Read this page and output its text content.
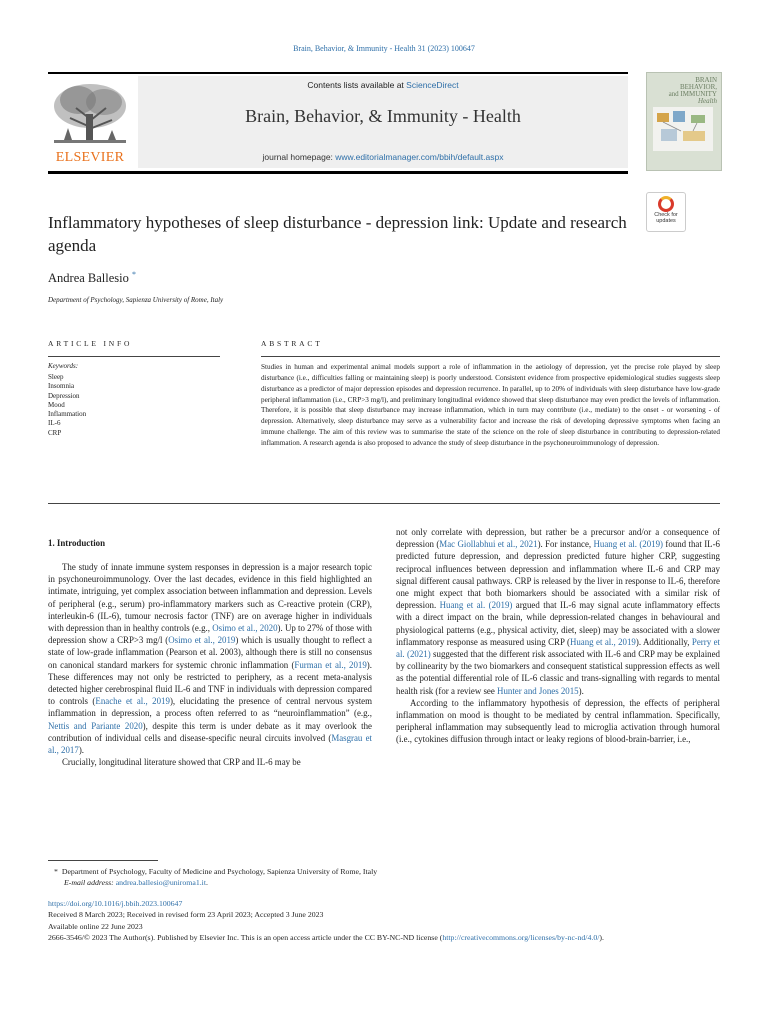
Brain, Behavior, & Immunity - Health 31 (2023) 100647
ELSEVIER
Contents lists available at ScienceDirect
Brain, Behavior, & Immunity - Health
journal homepage: www.editorialmanager.com/bbih/default.aspx
BRAIN
BEHAVIOR,
and IMMUNITY
Health
Check for
updates
Inflammatory hypotheses of sleep disturbance - depression link: Update and research agenda
Andrea Ballesio *
Department of Psychology, Sapienza University of Rome, Italy
ARTICLE INFO	ABSTRACT
Keywords:
Sleep
Insomnia
Depression
Mood
Inflammation
IL-6
CRP
Studies in human and experimental animal models support a role of inflammation in the aetiology of depression, yet the precise role played by sleep disturbance (i.e., difficulties falling or maintaining sleep) is poorly understood. Consistent evidence from prospective epidemiological studies suggests sleep disturbance as a predictor of major depression episodes and depression recurrence. In parallel, up to 20% of individuals with sleep disturbance have low-grade peripheral inflammation (i.e., CRP>3 mg/l), and preliminary longitudinal evidence showed that sleep disturbance may even predict the levels of inflammation. Therefore, it is possible that sleep disturbance may increase inflammation, which in turn may contribute (i.e., mediate) to the onset - or worsening - of depression. Alternatively, sleep disturbance may serve as a vulnerability factor and increase the risk of developing depressive symptoms when facing an immune challenge. The aim of this review was to summarise the state of the science on the role of sleep disturbance in contributing to depression-related inflammation. A research agenda is also proposed to advance the study of sleep disturbance in the psychoneuroimmunology of depression.
1. Introduction

The study of innate immune system responses in depression is a major research topic in psychoneuroimmunology. Over the last decades, evidence in this field highlighted an intimate, intriguing, yet complex association between inflammation and depression. Levels of peripheral (e.g., serum) pro-inflammatory markers such as C-reactive protein (CRP), interleukin-6 (IL-6), tumour necrosis factor (TNF) are on average higher in individuals with depression than in healthy controls (e.g., Osimo et al., 2020). Up to 27% of those with depression show a CRP>3 mg/l (Osimo et al., 2019) which is usually thought to reflect a state of low-grade inflammation (Pearson et al. 2003), although there is still no consensus on canonical standard markers for systemic chronic inflammation (Furman et al., 2019). These differences may not only be restricted to periphery, as a recent meta-analysis detected higher cerebrospinal fluid IL-6 and TNF in individuals with depression compared to controls (Enache et al., 2019), elucidating the presence of central nervous system inflammation in depression, a process often referred to as “neuroinflammation” (e.g., Nettis and Pariante 2020), despite this term is under debate as it may overlook the contribution of individual cells and disease-specific neural circuits involved (Masgrau et al., 2017).

Crucially, longitudinal literature showed that CRP and IL-6 may be

not only correlate with depression, but rather be a precursor and/or a consequence of depression (Mac Giollabhui et al., 2021). For instance, Huang et al. (2019) found that IL-6 predicted future depression, and depression predicted future higher CRP, suggesting reciprocal influences between depression and inflammation where IL-6 and CRP may signal different causal pathways. CRP is released by the liver in response to IL-6, therefore one might expect that both biomarkers should be associated with a similar risk of depression. Huang et al. (2019) argued that IL-6 may signal acute inflammatory effects with a direct impact on the brain, while depression-related changes in behavioural and physiological patterns (e.g., physical activity, diet, sleep) may be associated with a slower inflammatory response as measured using CRP (Huang et al., 2019). Additionally, Perry et al. (2021) suggested that the different risk associated with IL-6 and CRP may be explained by collinearity by the two biomarkers and consequent statistical suppression effects as well as the potential differential role of IL-6 classic and trans-signalling with regards to mental health risk (for a review see Hunter and Jones 2015).

According to the inflammatory hypothesis of depression, the effects of peripheral inflammation on mood is thought to be mediated by central inflammation. Specifically, peripheral inflammation may subsequently lead to microglia activation through humoral (i.e., cytokines diffusion through intact or leaky regions of blood-brain-barrier, i.e.,

* Department of Psychology, Faculty of Medicine and Psychology, Sapienza University of Rome, Italy
E-mail address: andrea.ballesio@uniroma1.it.
https://doi.org/10.1016/j.bbih.2023.100647
Received 8 March 2023; Received in revised form 23 April 2023; Accepted 3 June 2023
Available online 22 June 2023
2666-3546/© 2023 The Author(s). Published by Elsevier Inc. This is an open access article under the CC BY-NC-ND license (http://creativecommons.org/licenses/by-nc-nd/4.0/).
